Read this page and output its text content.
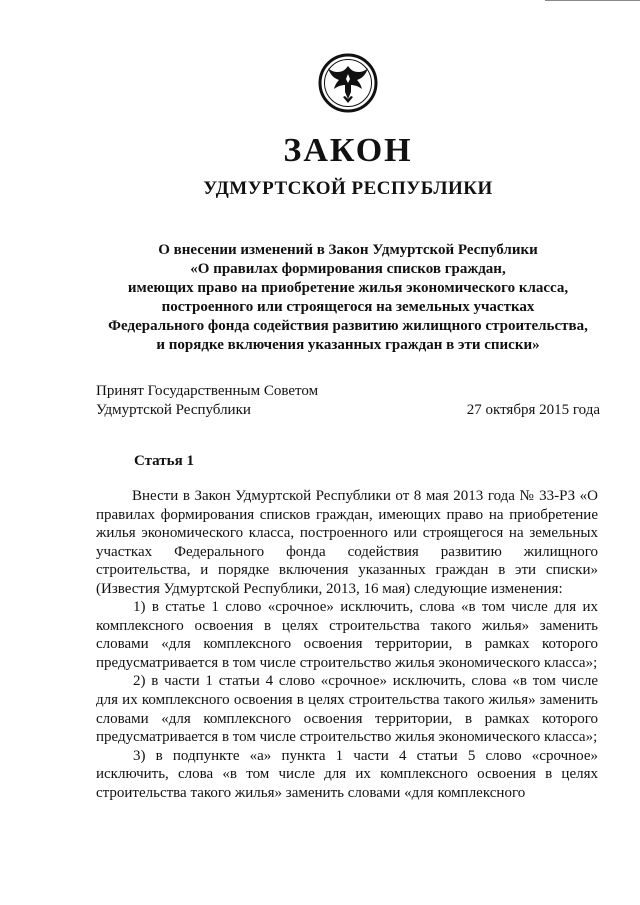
ЗАКОН
УДМУРТСКОЙ РЕСПУБЛИКИ
О внесении изменений в Закон Удмуртской Республики
«О правилах формирования списков граждан,
имеющих право на приобретение жилья экономического класса,
построенного или строящегося на земельных участках
Федерального фонда содействия развитию жилищного строительства,
и порядке включения указанных граждан в эти списки»
Принят Государственным Советом
Удмуртской Республики	27 октября 2015 года
Статья 1

Внести в Закон Удмуртской Республики от 8 мая 2013 года № 33-РЗ «О правилах формирования списков граждан, имеющих право на приобретение жилья экономического класса, построенного или строящегося на земельных участках Федерального фонда содействия развитию жилищного строительства, и порядке включения указанных граждан в эти списки» (Известия Удмуртской Республики, 2013, 16 мая) следующие изменения:

1) в статье 1 слово «срочное» исключить, слова «в том числе для их комплексного освоения в целях строительства такого жилья» заменить словами «для комплексного освоения территории, в рамках которого предусматривается в том числе строительство жилья экономического класса»;

2) в части 1 статьи 4 слово «срочное» исключить, слова «в том числе для их комплексного освоения в целях строительства такого жилья» заменить словами «для комплексного освоения территории, в рамках которого предусматривается в том числе строительство жилья экономического класса»;

3) в подпункте «а» пункта 1 части 4 статьи 5 слово «срочное» исключить, слова «в том числе для их комплексного освоения в целях строительства такого жилья» заменить словами «для комплексного
